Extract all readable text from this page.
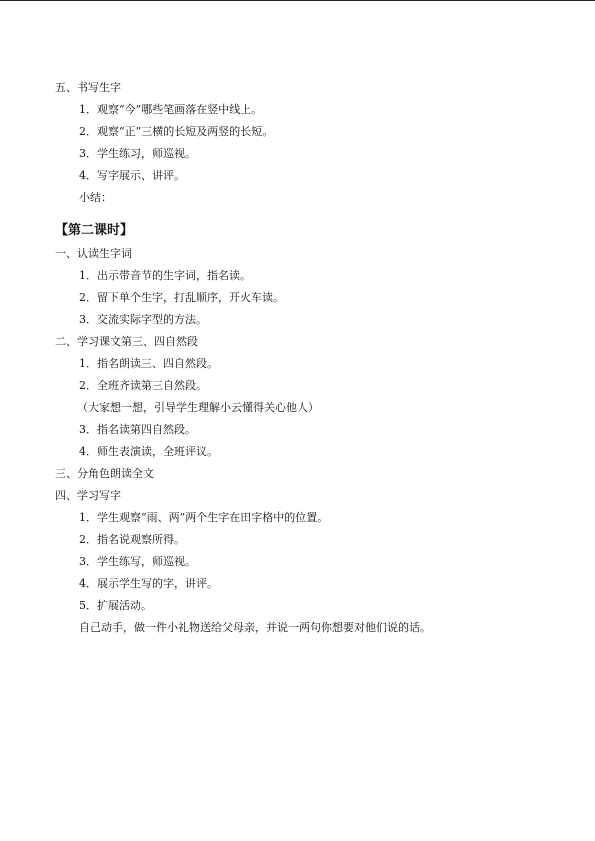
五、书写生字
1．观察“今”哪些笔画落在竖中线上。
2．观察“正”三横的长短及两竖的长短。
3．学生练习，师巡视。
4．写字展示、讲评。
小结：
【第二课时】
一、认读生字词
1．出示带音节的生字词，指名读。
2．留下单个生字，打乱顺序，开火车读。
3．交流实际字型的方法。
二、学习课文第三、四自然段
1．指名朗读三、四自然段。
2．全班齐读第三自然段。
（大家想一想，引导学生理解小云懂得关心他人）
3．指名读第四自然段。
4．师生表演读，全班评议。
三、分角色朗读全文
四、学习写字
1．学生观察“雨、两”两个生字在田字格中的位置。
2．指名说观察所得。
3．学生练写，师巡视。
4．展示学生写的字，讲评。
5．扩展活动。
自己动手，做一件小礼物送给父母亲，并说一两句你想要对他们说的话。
